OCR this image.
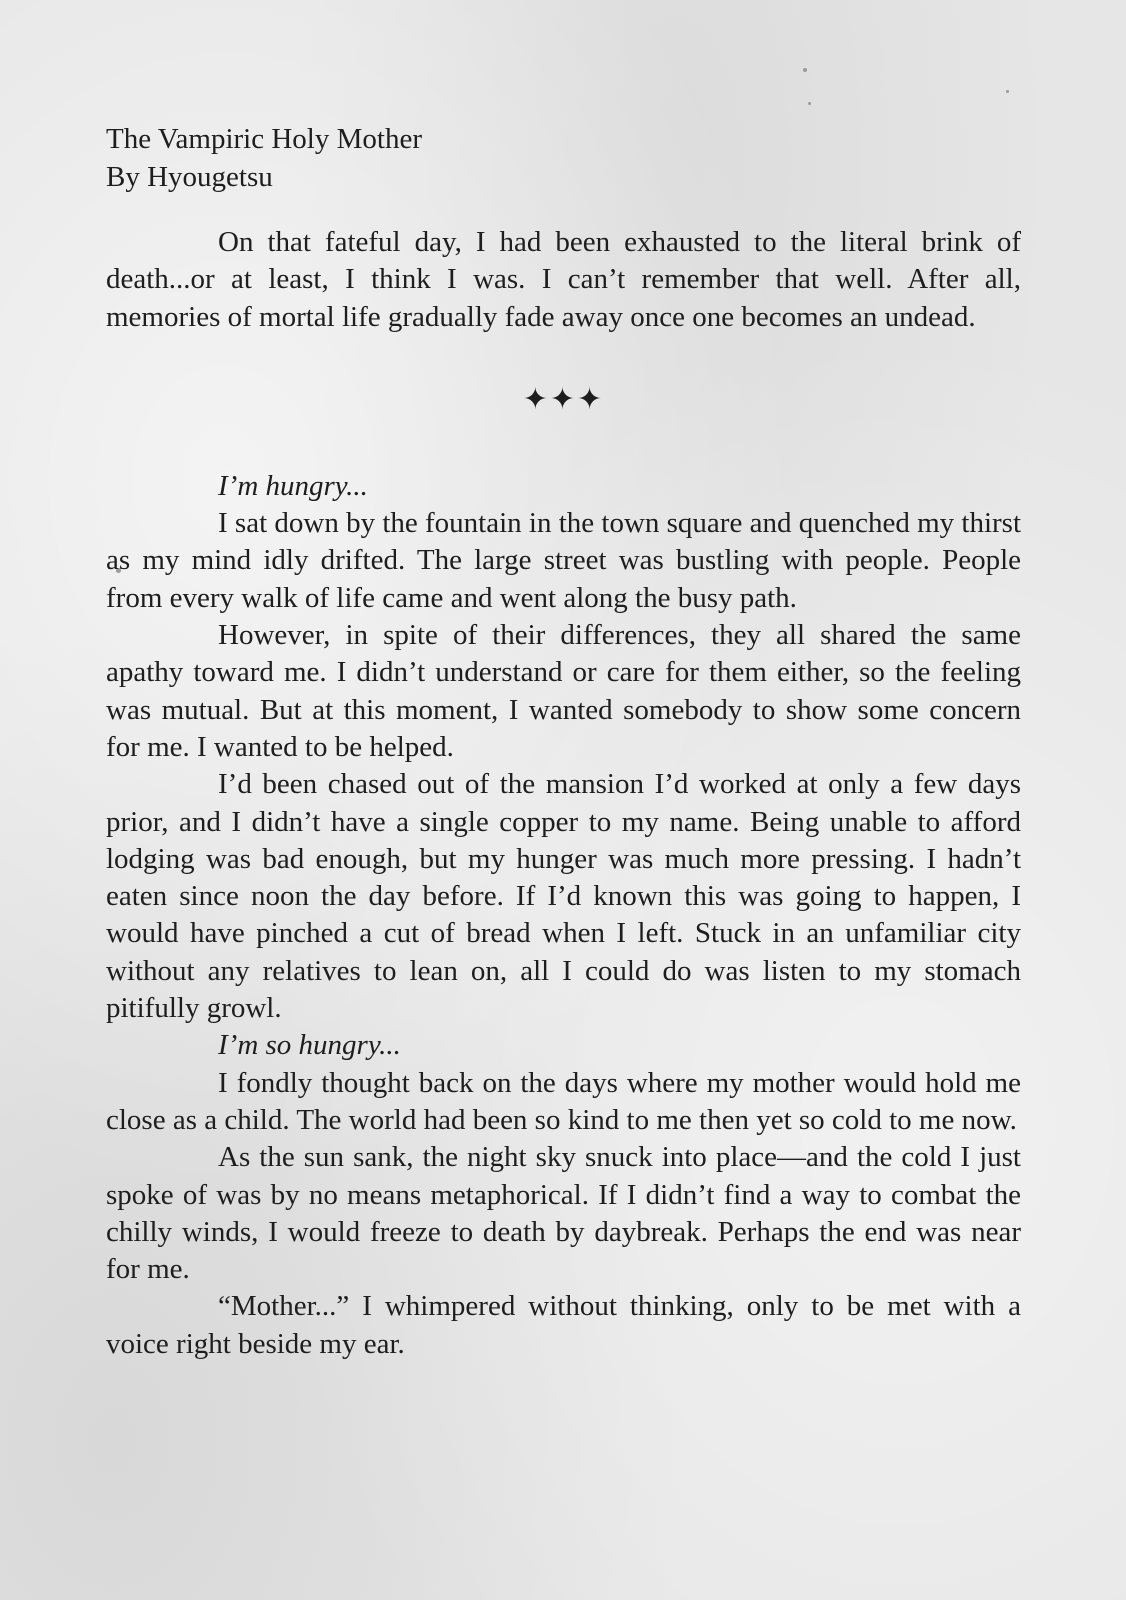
The Vampiric Holy Mother

By Hyougetsu

On that fateful day, I had been exhausted to the literal brink of death...or at least, I think I was. I can’t remember that well. After all, memories of mortal life gradually fade away once one becomes an undead.

✦✦✦

I’m hungry...

I sat down by the fountain in the town square and quenched my thirst as my mind idly drifted. The large street was bustling with people. People from every walk of life came and went along the busy path.

However, in spite of their differences, they all shared the same apathy toward me. I didn’t understand or care for them either, so the feeling was mutual. But at this moment, I wanted somebody to show some concern for me. I wanted to be helped.

I’d been chased out of the mansion I’d worked at only a few days prior, and I didn’t have a single copper to my name. Being unable to afford lodging was bad enough, but my hunger was much more pressing. I hadn’t eaten since noon the day before. If I’d known this was going to happen, I would have pinched a cut of bread when I left. Stuck in an unfamiliar city without any relatives to lean on, all I could do was listen to my stomach pitifully growl.

I’m so hungry...

I fondly thought back on the days where my mother would hold me close as a child. The world had been so kind to me then yet so cold to me now.

As the sun sank, the night sky snuck into place—and the cold I just spoke of was by no means metaphorical. If I didn’t find a way to combat the chilly winds, I would freeze to death by daybreak. Perhaps the end was near for me.

“Mother...” I whimpered without thinking, only to be met with a voice right beside my ear.
